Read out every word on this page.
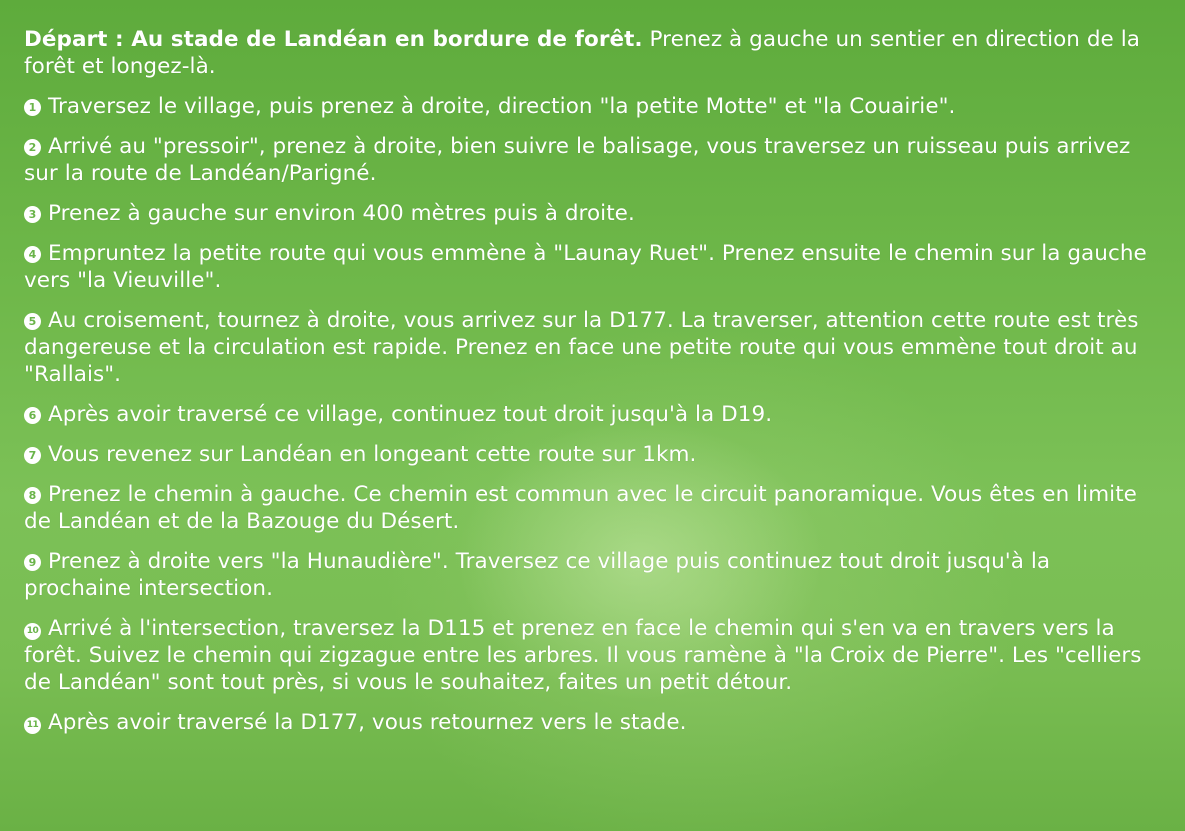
Départ : Au stade de Landéan en bordure de forêt. Prenez à gauche un sentier en direction de la forêt et longez-là.

1 Traversez le village, puis prenez à droite, direction "la petite Motte" et "la Couairie".

2 Arrivé au "pressoir", prenez à droite, bien suivre le balisage, vous traversez un ruisseau puis arrivez sur la route de Landéan/Parigné.

3 Prenez à gauche sur environ 400 mètres puis à droite.

4 Empruntez la petite route qui vous emmène à "Launay Ruet". Prenez ensuite le chemin sur la gauche vers "la Vieuville".

5 Au croisement, tournez à droite, vous arrivez sur la D177. La traverser, attention cette route est très dangereuse et la circulation est rapide. Prenez en face une petite route qui vous emmène tout droit au "Rallais".

6 Après avoir traversé ce village, continuez tout droit jusqu'à la D19.

7 Vous revenez sur Landéan en longeant cette route sur 1km.

8 Prenez le chemin à gauche. Ce chemin est commun avec le circuit panoramique. Vous êtes en limite de Landéan et de la Bazouge du Désert.

9 Prenez à droite vers "la Hunaudière". Traversez ce village puis continuez tout droit jusqu'à la prochaine intersection.

10 Arrivé à l'intersection, traversez la D115 et prenez en face le chemin qui s'en va en travers vers la forêt. Suivez le chemin qui zigzague entre les arbres. Il vous ramène à "la Croix de Pierre". Les "celliers de Landéan" sont tout près, si vous le souhaitez, faites un petit détour.

11 Après avoir traversé la D177, vous retournez vers le stade.
